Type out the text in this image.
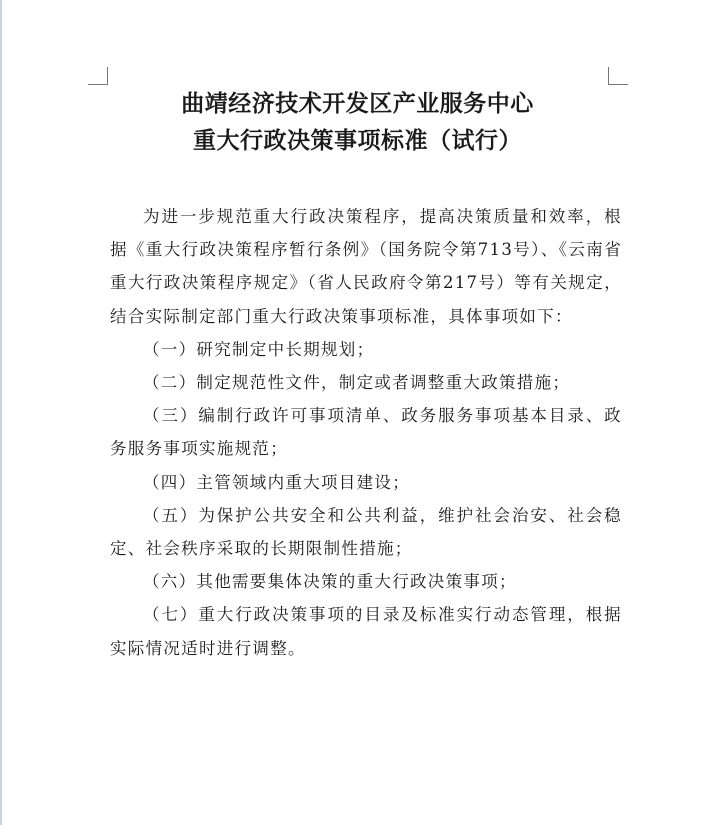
曲靖经济技术开发区产业服务中心
重大行政决策事项标准（试行）

为进一步规范重大行政决策程序，提高决策质量和效率，根据《重大行政决策程序暂行条例》（国务院令第713号）、《云南省重大行政决策程序规定》（省人民政府令第217号）等有关规定，结合实际制定部门重大行政决策事项标准，具体事项如下：

（一）研究制定中长期规划；

（二）制定规范性文件，制定或者调整重大政策措施；

（三）编制行政许可事项清单、政务服务事项基本目录、政务服务事项实施规范；

（四）主管领域内重大项目建设；

（五）为保护公共安全和公共利益，维护社会治安、社会稳定、社会秩序采取的长期限制性措施；

（六）其他需要集体决策的重大行政决策事项；

（七）重大行政决策事项的目录及标准实行动态管理，根据实际情况适时进行调整。
